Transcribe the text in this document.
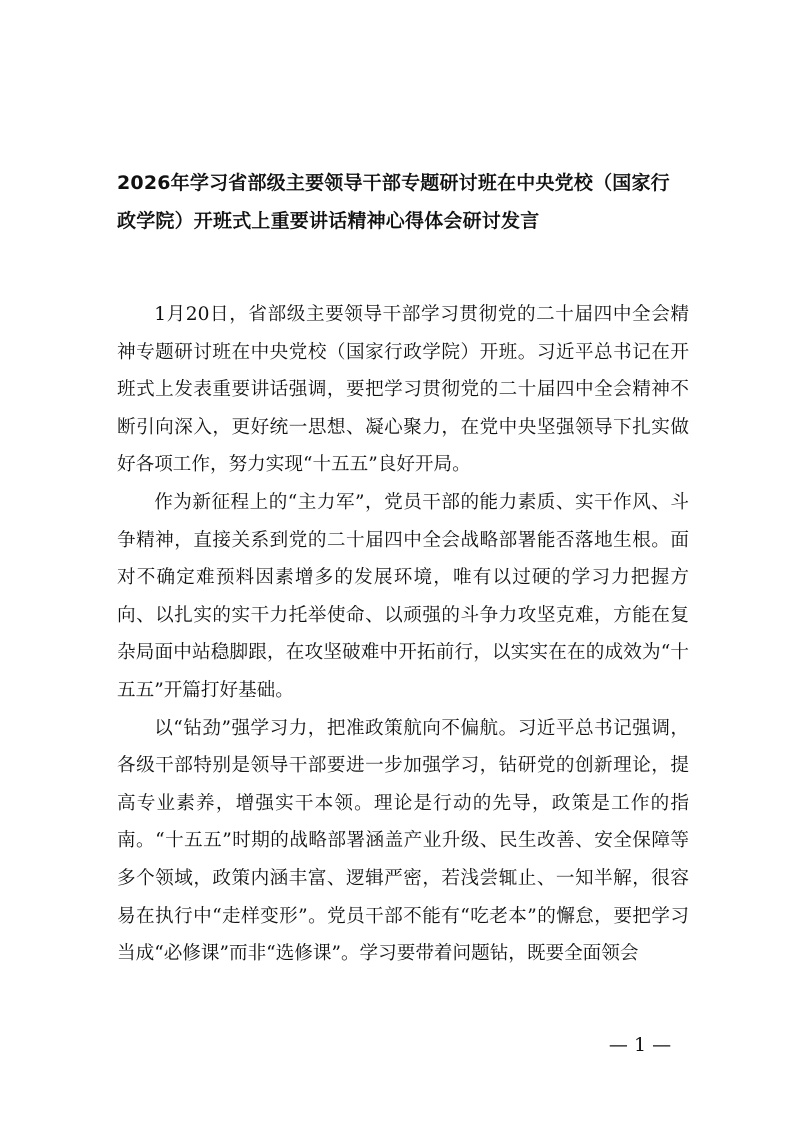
2026年学习省部级主要领导干部专题研讨班在中央党校（国家行政学院）开班式上重要讲话精神心得体会研讨发言

1月20日，省部级主要领导干部学习贯彻党的二十届四中全会精神专题研讨班在中央党校（国家行政学院）开班。习近平总书记在开班式上发表重要讲话强调，要把学习贯彻党的二十届四中全会精神不断引向深入，更好统一思想、凝心聚力，在党中央坚强领导下扎实做好各项工作，努力实现“十五五”良好开局。

作为新征程上的“主力军”，党员干部的能力素质、实干作风、斗争精神，直接关系到党的二十届四中全会战略部署能否落地生根。面对不确定难预料因素增多的发展环境，唯有以过硬的学习力把握方向、以扎实的实干力托举使命、以顽强的斗争力攻坚克难，方能在复杂局面中站稳脚跟，在攻坚破难中开拓前行，以实实在在的成效为“十五五”开篇打好基础。

以“钻劲”强学习力，把准政策航向不偏航。习近平总书记强调，各级干部特别是领导干部要进一步加强学习，钻研党的创新理论，提高专业素养，增强实干本领。理论是行动的先导，政策是工作的指南。“十五五”时期的战略部署涵盖产业升级、民生改善、安全保障等多个领域，政策内涵丰富、逻辑严密，若浅尝辄止、一知半解，很容易在执行中“走样变形”。党员干部不能有“吃老本”的懈怠，要把学习当成“必修课”而非“选修课”。学习要带着问题钻，既要全面领会

— 1 —
